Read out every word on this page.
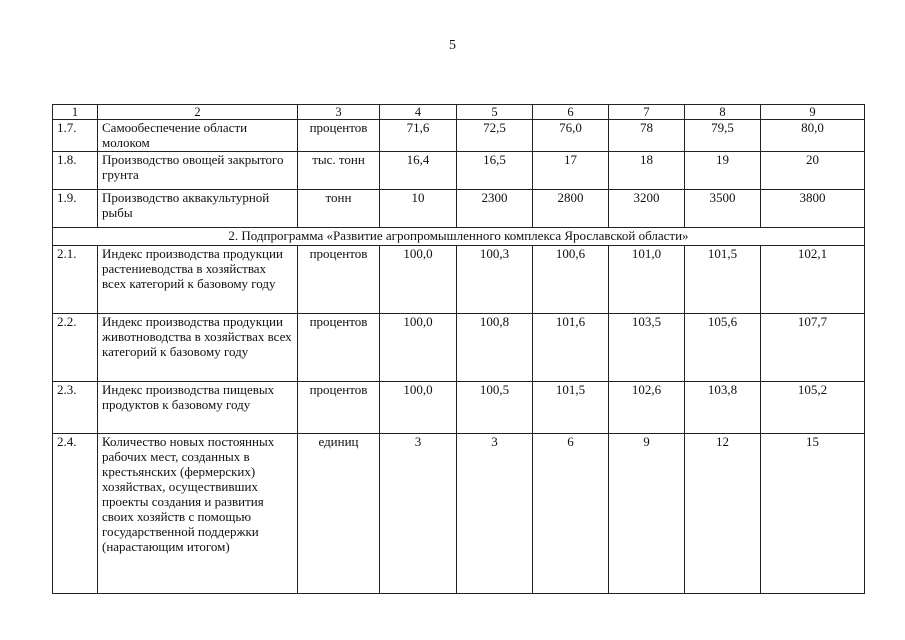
5
1	2	3	4	5	6	7	8	9
1.7.	Самообеспечение области молоком	процентов	71,6	72,5	76,0	78	79,5	80,0
1.8.	Производство овощей закрытого грунта	тыс. тонн	16,4	16,5	17	18	19	20
1.9.	Производство аквакультурной рыбы	тонн	10	2300	2800	3200	3500	3800
2. Подпрограмма «Развитие агропромышленного комплекса Ярославской области»								
2.1.	Индекс производства продукции растениеводства в хозяйствах всех категорий к базовому году	процентов	100,0	100,3	100,6	101,0	101,5	102,1
2.2.	Индекс производства продукции животноводства в хозяйствах всех категорий к базовому году	процентов	100,0	100,8	101,6	103,5	105,6	107,7
2.3.	Индекс производства пищевых продуктов к базовому году	процентов	100,0	100,5	101,5	102,6	103,8	105,2
2.4.	Количество новых постоянных рабочих мест, созданных в крестьянских (фермерских) хозяйствах, осуществивших проекты создания и развития своих хозяйств с помощью государственной поддержки (нарастающим итогом)	единиц	3	3	6	9	12	15
